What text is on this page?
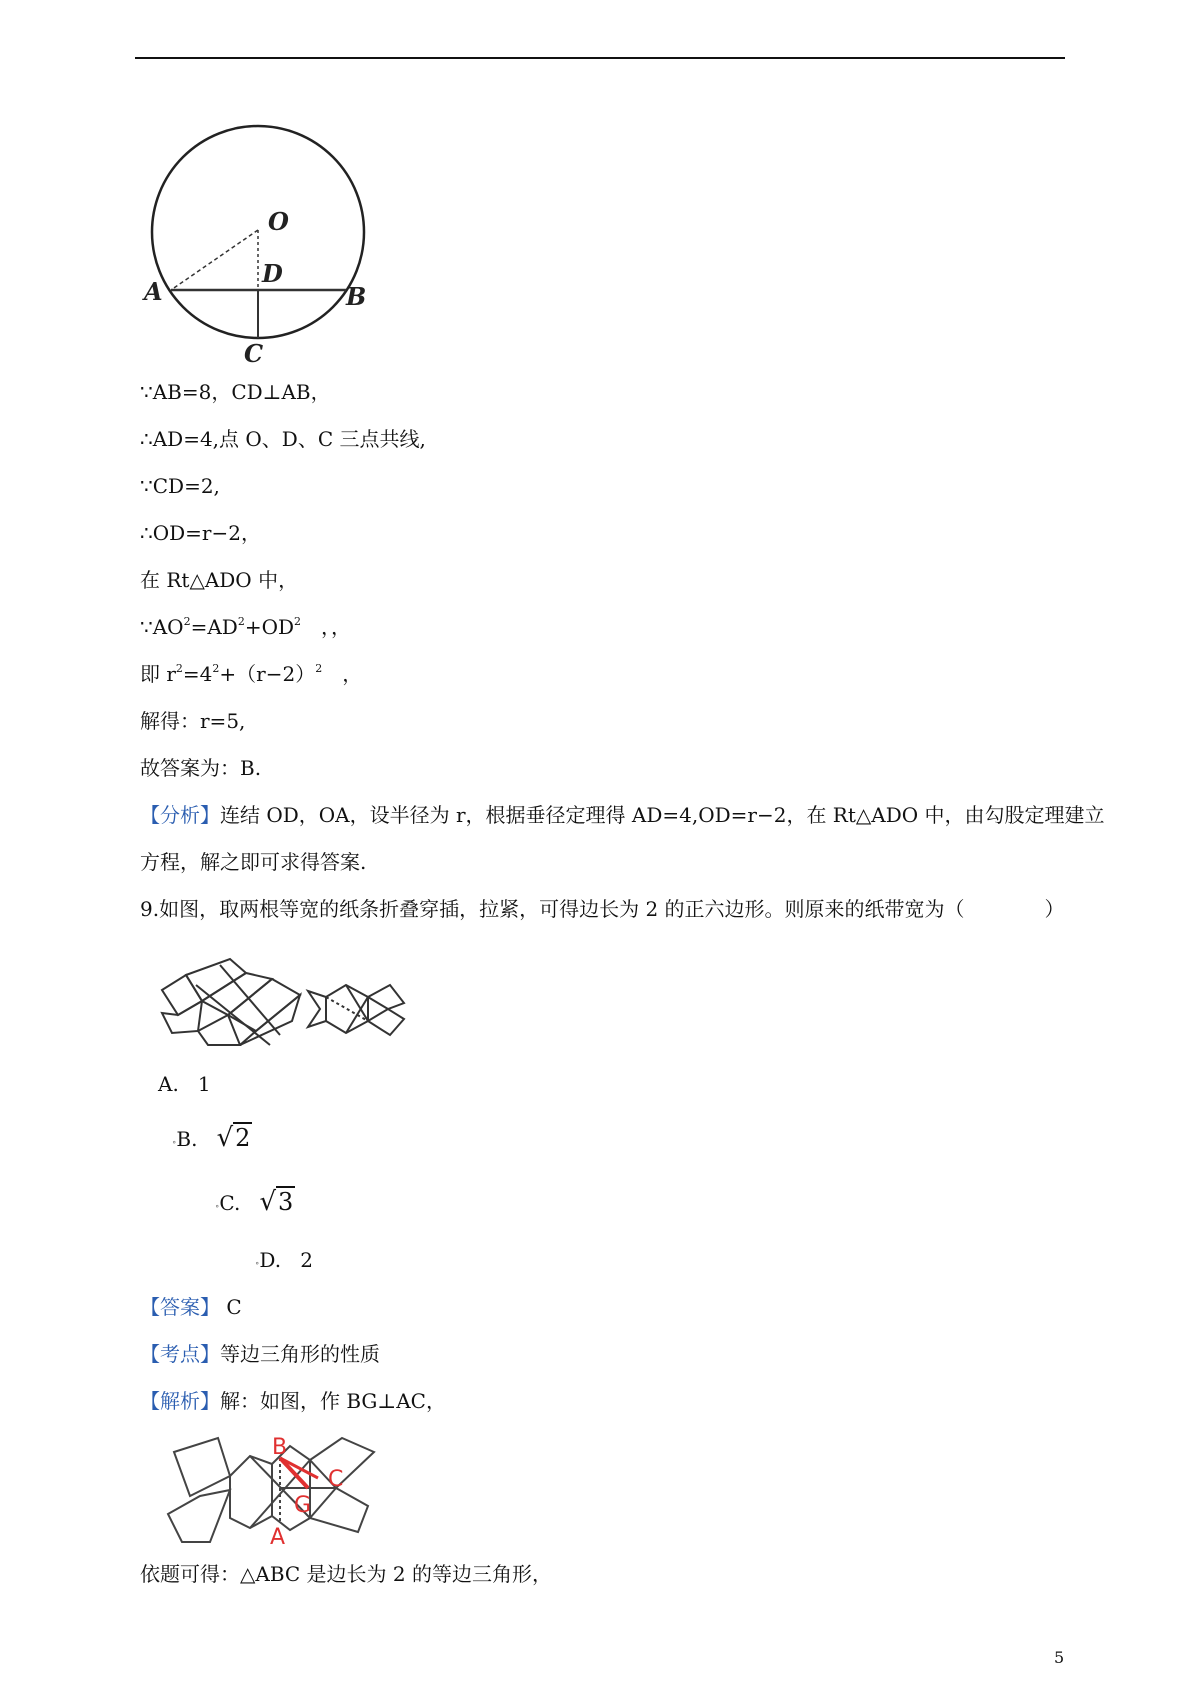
O
D
A	B
C
∵AB=8，CD⊥AB，
∴AD=4,点 O、D、C 三点共线,
∵CD=2,
∴OD=r−2，
在 Rt△ADO 中，
$\because AO^2=AD^2+OD^2$　，，
即 $r^2=4^2+(r-2)^2$　，
解得：r=5,
故答案为：B.
【分析】连结 OD，OA，设半径为 r，根据垂径定理得 AD=4,OD=r−2，在 Rt△ADO 中，由勾股定理建立
方程，解之即可求得答案.
9.如图，取两根等宽的纸条折叠穿插，拉紧，可得边长为 2 的正六边形。则原来的纸带宽为（　　　　）
A. 1
∘B. √2
∘C. √3
∘D. 2
【答案】 C
【考点】等边三角形的性质
【解析】解：如图，作 BG⊥AC，
B
C
G
A
依题可得：△ABC 是边长为 2 的等边三角形，
5
